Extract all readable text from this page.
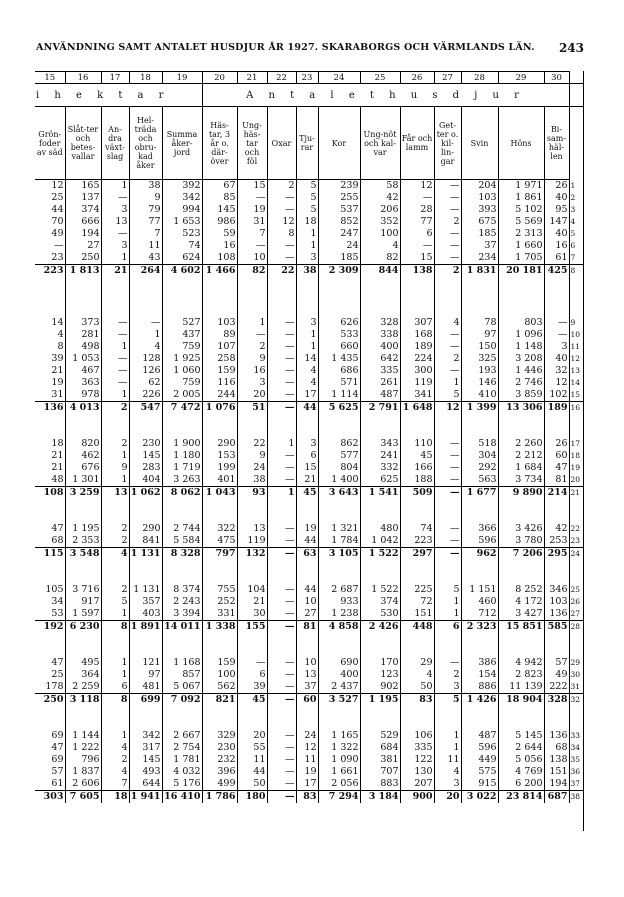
ANVÄNDNING SAMT ANTALET HUSDJUR ÅR 1927. SKARABORGS OCH VÄRMLANDS LÄN. 243
15	16	17	18	19	20	21	22	23	24	25	26	27	28	29	30	
i h e k t a r					A n t a l e t h u s d j u r											
Grön-foder av säd	Slåt-ter och betes-vallar	An-dra växt-slag	Hel-träda och obru-kad åker	Summa åker-jord	Häs-tar, 3 år o. där-över	Ung-häs-tar och föl	Oxar	Tju-rar	Kor	Ung-nöt och kal-var	Får och lamm	Get-ter o. kil-lin-gar	Svin	Höns	Bi-sam-häl-len	
12	165	1	38	392	67	15	2	5	239	58	12	—	204	1 971	26	1
25	137	—	9	342	85	—	—	5	255	42	—	—	103	1 861	40	2
44	374	3	79	994	145	19	—	5	537	206	28	—	393	5 102	95	3
70	666	13	77	1 653	986	31	12	18	852	352	77	2	675	5 569	147	4
49	194	—	7	523	59	7	8	1	247	100	6	—	185	2 313	40	5
—	27	3	11	74	16	—	—	1	24	4	—	—	37	1 660	16	6
23	250	1	43	624	108	10	—	3	185	82	15	—	234	1 705	61	7
223	1 813	21	264	4 602	1 466	82	22	38	2 309	844	138	2	1 831	20 181	425	8

14	373	—	—	527	103	1	—	3	626	328	307	4	78	803	—	9
4	281	—	1	437	89	—	—	1	533	338	168	—	97	1 096	—	10
8	498	1	4	759	107	2	—	1	660	400	189	—	150	1 148	3	11
39	1 053	—	128	1 925	258	9	—	14	1 435	642	224	2	325	3 208	40	12
21	467	—	126	1 060	159	16	—	4	686	335	300	—	193	1 446	32	13
19	363	—	62	759	116	3	—	4	571	261	119	1	146	2 746	12	14
31	978	1	226	2 005	244	20	—	17	1 114	487	341	5	410	3 859	102	15
136	4 013	2	547	7 472	1 076	51	—	44	5 625	2 791	1 648	12	1 399	13 306	189	16

18	820	2	230	1 900	290	22	1	3	862	343	110	—	518	2 260	26	17
21	462	1	145	1 180	153	9	—	6	577	241	45	—	304	2 212	60	18
21	676	9	283	1 719	199	24	—	15	804	332	166	—	292	1 684	47	19
48	1 301	1	404	3 263	401	38	—	21	1 400	625	188	—	563	3 734	81	20
108	3 259	13	1 062	8 062	1 043	93	1	45	3 643	1 541	509	—	1 677	9 890	214	21

47	1 195	2	290	2 744	322	13	—	19	1 321	480	74	—	366	3 426	42	22
68	2 353	2	841	5 584	475	119	—	44	1 784	1 042	223	—	596	3 780	253	23
115	3 548	4	1 131	8 328	797	132	—	63	3 105	1 522	297	—	962	7 206	295	24

105	3 716	2	1 131	8 374	755	104	—	44	2 687	1 522	225	5	1 151	8 252	346	25
34	917	5	357	2 243	252	21	—	10	933	374	72	1	460	4 172	103	26
53	1 597	1	403	3 394	331	30	—	27	1 238	530	151	1	712	3 427	136	27
192	6 230	8	1 891	14 011	1 338	155	—	81	4 858	2 426	448	6	2 323	15 851	585	28

47	495	1	121	1 168	159	—	—	10	690	170	29	—	386	4 942	57	29
25	364	1	97	857	100	6	—	13	400	123	4	2	154	2 823	49	30
178	2 259	6	481	5 067	562	39	—	37	2 437	902	50	3	886	11 139	222	31
250	3 118	8	699	7 092	821	45	—	60	3 527	1 195	83	5	1 426	18 904	328	32

69	1 144	1	342	2 667	329	20	—	24	1 165	529	106	1	487	5 145	136	33
47	1 222	4	317	2 754	230	55	—	12	1 322	684	335	1	596	2 644	68	34
69	796	2	145	1 781	232	11	—	11	1 090	381	122	11	449	5 056	138	35
57	1 837	4	493	4 032	396	44	—	19	1 661	707	130	4	575	4 769	151	36
61	2 606	7	644	5 176	499	50	—	17	2 056	883	207	3	915	6 200	194	37
303	7 605	18	1 941	16 410	1 786	180	—	83	7 294	3 184	900	20	3 022	23 814	687	38
